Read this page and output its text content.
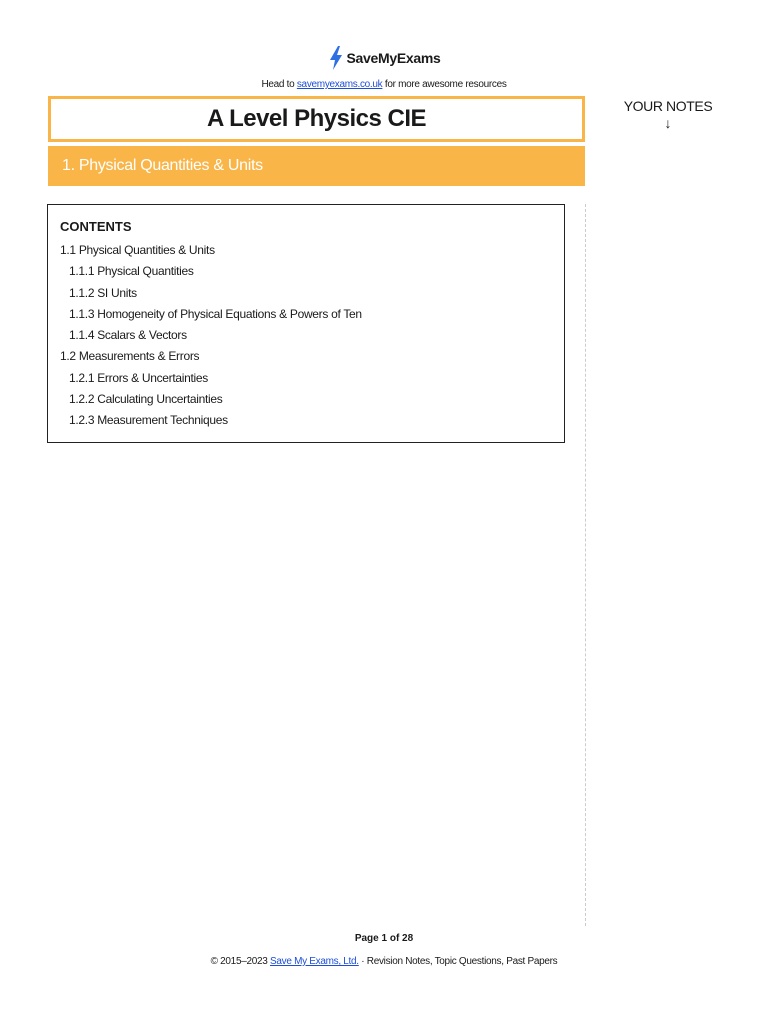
SaveMyExams
Head to savemyexams.co.uk for more awesome resources
A Level Physics CIE
1. Physical Quantities & Units
YOUR NOTES
↓
CONTENTS
1.1 Physical Quantities & Units
1.1.1 Physical Quantities
1.1.2 SI Units
1.1.3 Homogeneity of Physical Equations & Powers of Ten
1.1.4 Scalars & Vectors
1.2 Measurements & Errors
1.2.1 Errors & Uncertainties
1.2.2 Calculating Uncertainties
1.2.3 Measurement Techniques
Page 1 of 28
© 2015–2023 Save My Exams, Ltd. · Revision Notes, Topic Questions, Past Papers
